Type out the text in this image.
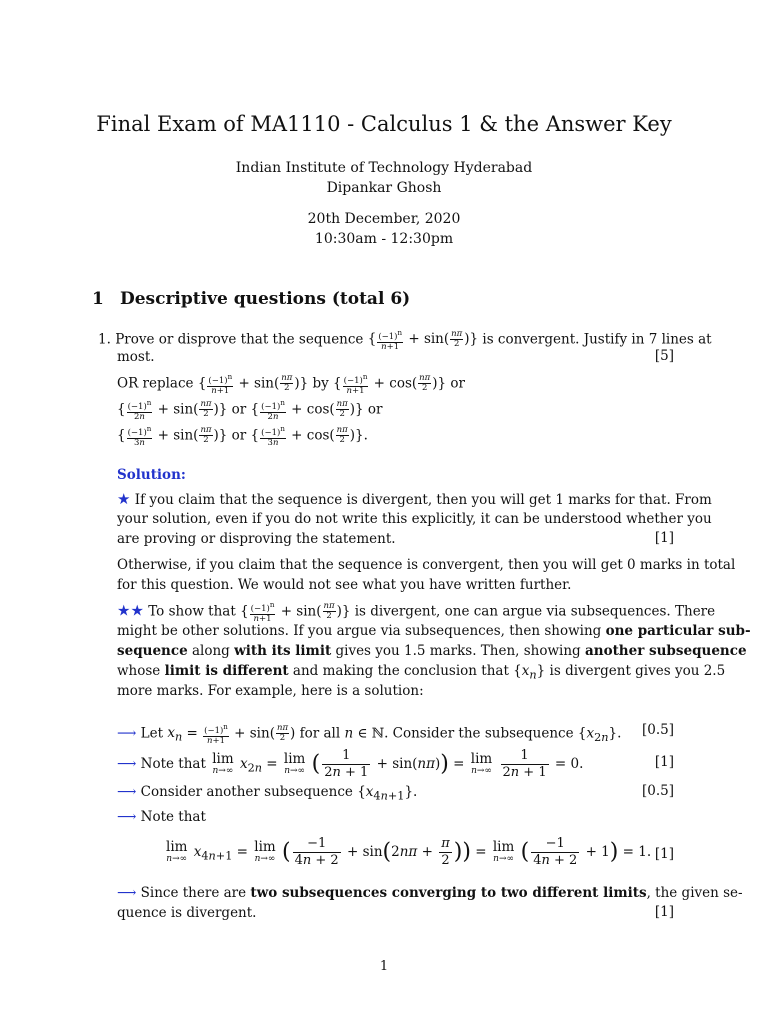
Final Exam of MA1110 - Calculus 1 & the Answer Key
Indian Institute of Technology Hyderabad
Dipankar Ghosh
20th December, 2020
10:30am - 12:30pm
1 Descriptive questions (total 6)
1. Prove or disprove that the sequence { $\frac{(-1)^n}{n+1} + \sin( \frac{n\pi}{2}$ )} is convergent. Justify in 7 lines at
most.	[5]
OR replace { $\frac{(-1)^n}{n+1} + \sin( \frac{n\pi}{2}$ )} by { $\frac{(-1)^n}{n+1} + \cos( \frac{n\pi}{2}$ )} or
{ $\frac{(-1)^n}{2n} + \sin( \frac{n\pi}{2}$ )} or { $\frac{(-1)^n}{2n} + \cos( \frac{n\pi}{2}$ )} or
{ $\frac{(-1)^n}{3n} + \sin( \frac{n\pi}{2}$ )} or { $\frac{(-1)^n}{3n} + \cos( \frac{n\pi}{2}$ )}.
Solution:
★ If you claim that the sequence is divergent, then you will get 1 marks for that. From
your solution, even if you do not write this explicitly, it can be understood whether you
are proving or disproving the statement.	[1]
Otherwise, if you claim that the sequence is convergent, then you will get 0 marks in total
for this question. We would not see what you have written further.
★★ To show that { $\frac{(-1)^n}{n+1} + \sin( \frac{n\pi}{2}$ )} is divergent, one can argue via subsequences. There
might be other solutions. If you argue via subsequences, then showing one particular sub-
sequence along with its limit gives you 1.5 marks. Then, showing another subsequence
whose limit is different and making the conclusion that $\{x_n\}$ is divergent gives you 2.5
more marks. For example, here is a solution:
⟶ Let $x_n = \frac{(-1)^n}{n+1} + \sin( \frac{n\pi}{2}$ ) for all n ∈ ℕ. Consider the subsequence $\{x_{2n}\}$.	[0.5]
⟶ Note that lim
n→∞ $x_{2n} = \lim$
n→∞ ( $\frac{1}{2n + 1} + \sin(n\pi)) = \lim$
n→∞
$\frac{1}{2n + 1} = 0$.	[1]
⟶ Consider another subsequence $\{x_{4n+1}\}$.	[0.5]
⟶ Note that
lim
n→∞ $x_{4n+1} = \lim$
n→∞ ( $\frac{-1}{4n + 2} + \sin(2n\pi + \frac{\pi}{2}$ )) = lim
n→∞ ( $\frac{-1}{4n + 2} + 1) = 1$. [1]
⟶ Since there are two subsequences converging to two different limits, the given se-
quence is divergent.	[1]
1
